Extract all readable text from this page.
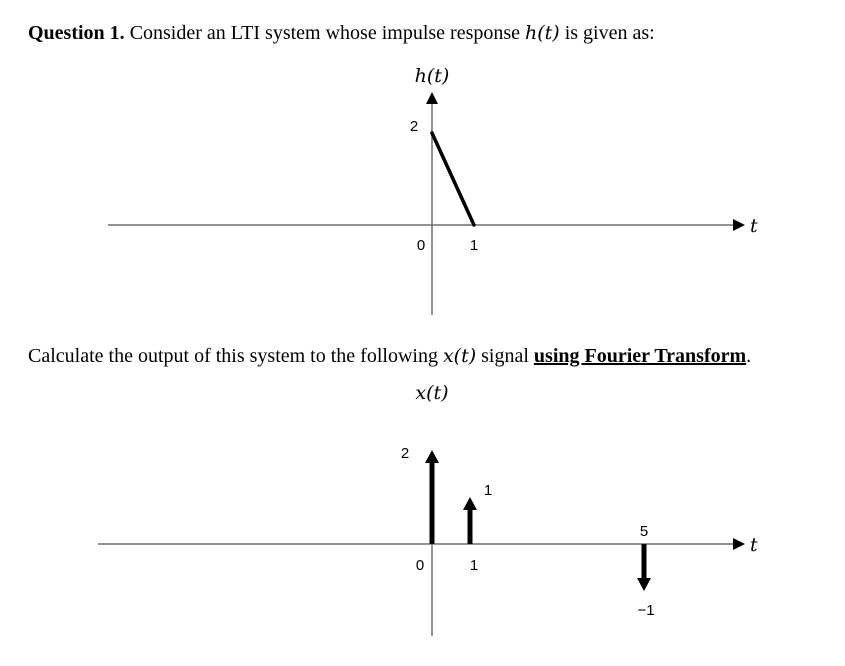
Question 1. Consider an LTI system whose impulse response h(t) is given as:
Calculate the output of this system to the following x(t) signal using Fourier Transform.
h(t)
t
2
0	1
x(t)
t
2
0
1
1
−1
5
